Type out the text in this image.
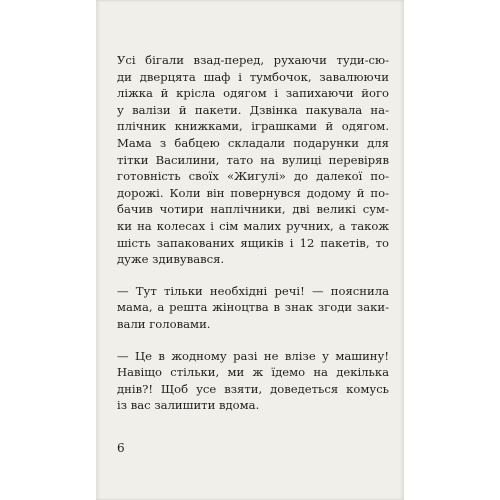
Усі бігали взад-перед, рухаючи туди-сю-
ди дверцята шаф і тумбочок, завалюючи
ліжка й крісла одягом і запихаючи його
у валізи й пакети. Дзвінка пакувала на-
плічник книжками, іграшками й одягом.
Мама з бабцею складали подарунки для
тітки Василини, тато на вулиці перевіряв
готовність своїх «Жигулі» до далекої по-
дорожі. Коли він повернувся додому й по-
бачив чотири наплічники, дві великі сум-
ки на колесах і сім малих ручних, а також
шість запакованих ящиків і 12 пакетів, то
дуже здивувався.

— Тут тільки необхідні речі! — пояснила
мама, а решта жіноцтва в знак згоди заки-
вали головами.

— Це в жодному разі не влізе у машину!
Навіщо стільки, ми ж їдемо на декілька
днів?! Щоб усе взяти, доведеться комусь
із вас залишити вдома.

6
